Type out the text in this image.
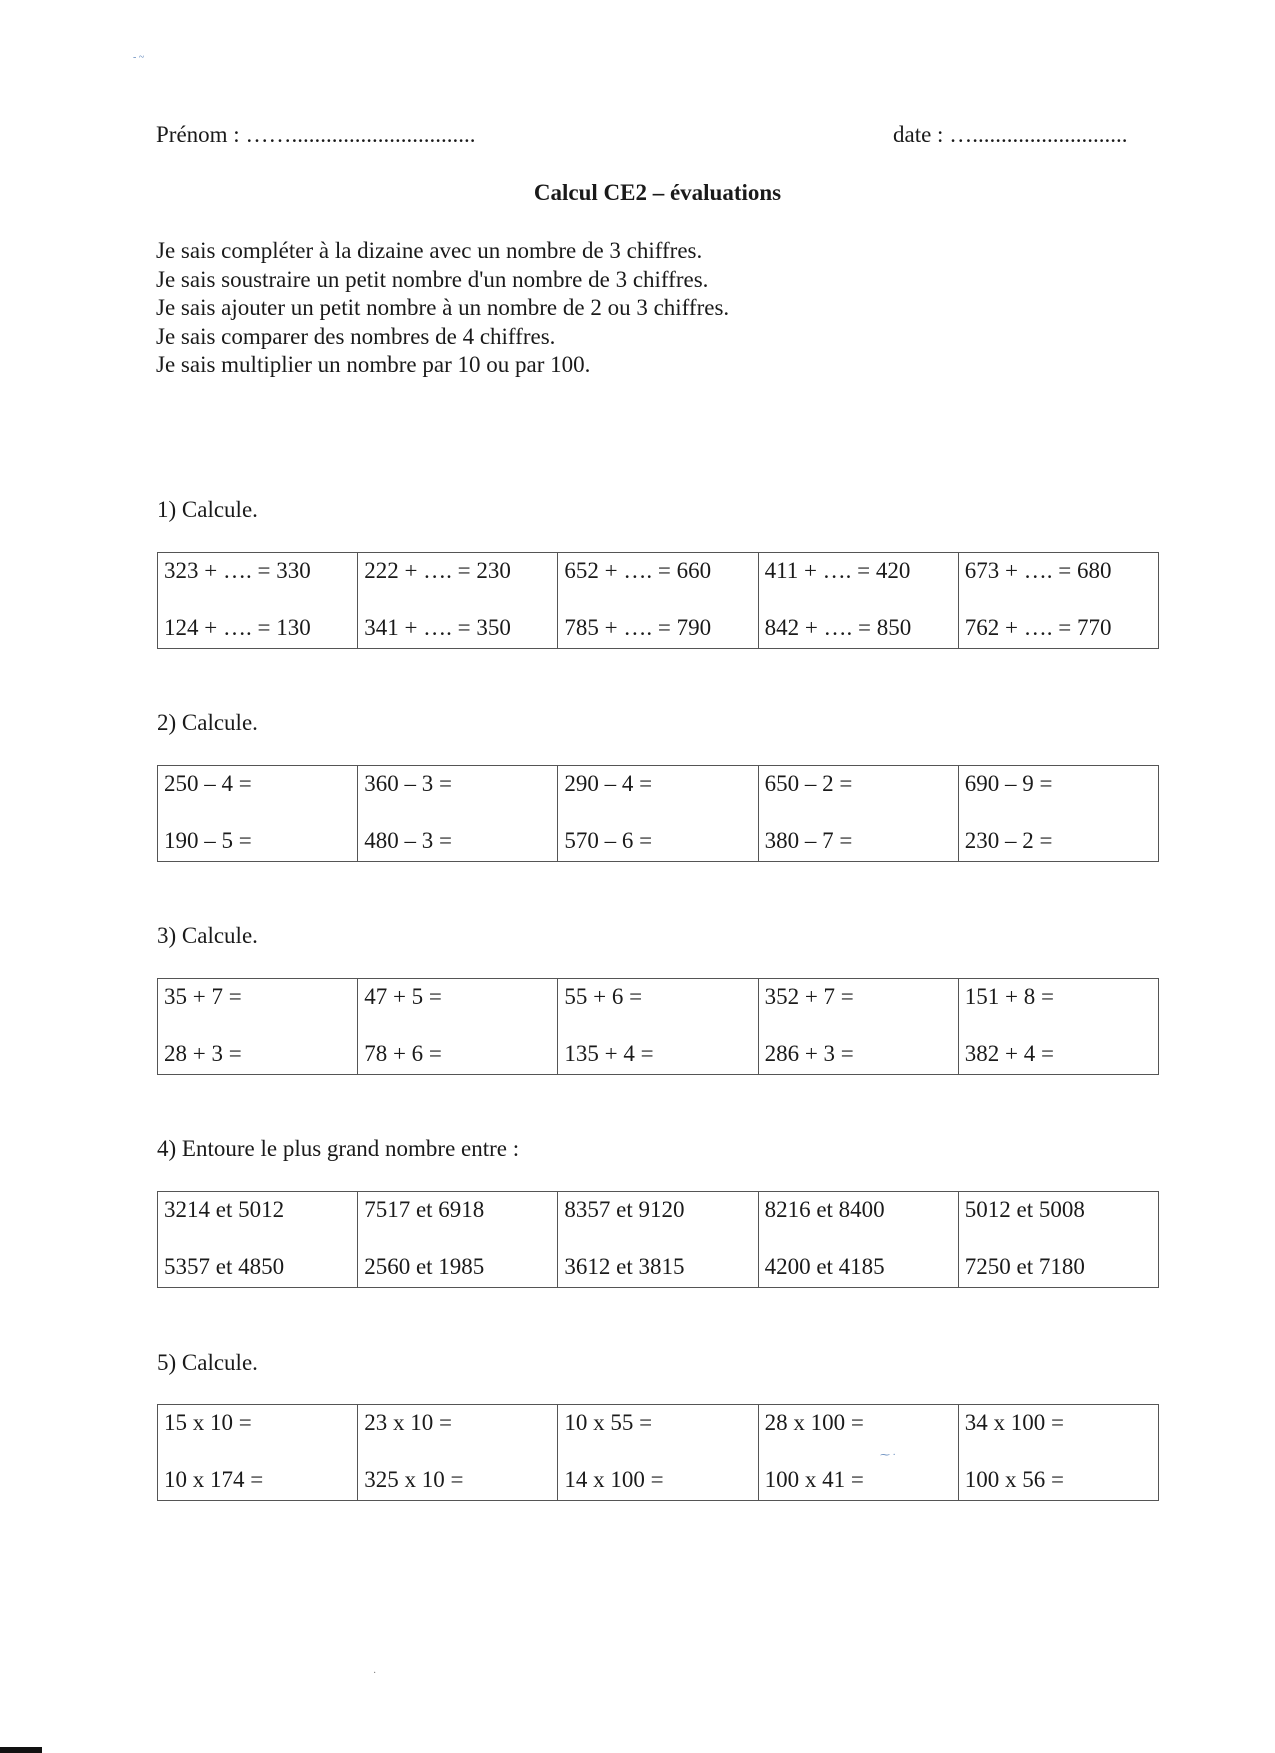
- ~
Prénom : ……................................	date : …...........................
Calcul CE2 – évaluations
Je sais compléter à la dizaine avec un nombre de 3 chiffres.
Je sais soustraire un petit nombre d'un nombre de 3 chiffres.
Je sais ajouter un petit nombre à un nombre de 2 ou 3 chiffres.
Je sais comparer des nombres de 4 chiffres.
Je sais multiplier un nombre par 10 ou par 100.
1) Calcule.
323 + …. = 330
124 + …. = 130

222 + …. = 230
341 + …. = 350

652 + …. = 660
785 + …. = 790

411 + …. = 420
842 + …. = 850

673 + …. = 680
762 + …. = 770
2) Calcule.
250 – 4 =
190 – 5 =

360 – 3 =
480 – 3 =

290 – 4 =
570 – 6 =

650 – 2 =
380 – 7 =

690 – 9 =
230 – 2 =
3) Calcule.
35 + 7 =
28 + 3 =

47 + 5 =
78 + 6 =

55 + 6 =
135 + 4 =

352 + 7 =
286 + 3 =

151 + 8 =
382 + 4 =
4) Entoure le plus grand nombre entre :
3214 et 5012
5357 et 4850

7517 et 6918
2560 et 1985

8357 et 9120
3612 et 3815

8216 et 8400
4200 et 4185

5012 et 5008
7250 et 7180
5) Calcule.
15 x 10 =
10 x 174 =

23 x 10 =
325 x 10 =

10 x 55 =
14 x 100 =

28 x 100 =
100 x 41 =

34 x 100 =
100 x 56 =
⁓ ·
·
